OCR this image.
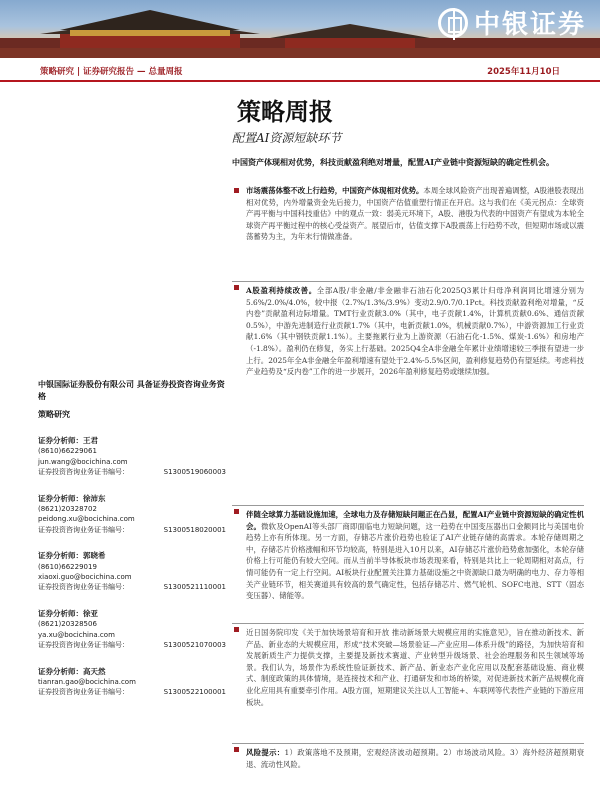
中银证券
策略研究 | 证券研究报告 — 总量周报	2025年11月10日
策略周报
配置AI资源短缺环节
中国资产体现相对优势，科技贡献盈利绝对增量，配置AI产业链中资源短缺的确定性机会。
市场震荡体整不改上行趋势，中国资产体现相对优势。本周全球风险资产出现普遍调整，A股港股表现出相对优势，内外增量资金先后接力，中国资产估值重塑行情正在开启。这与我们在《美元拐点：全球资产再平衡与中国科技重估》中的观点一致：弱美元环境下，A股、港股为代表的中国资产有望成为本轮全球资产再平衡过程中的核心受益资产。展望后市，估值支撑下A股震荡上行趋势不改，但短期市场或以震荡蓄势为主，为年末行情做准备。
A股盈利持续改善。全部A股/非金融/非金融非石油石化2025Q3累计归母净利润同比增速分别为5.6%/2.0%/4.0%，较中报（2.7%/1.3%/3.9%）变动2.9/0.7/0.1Pct。科技贡献盈利绝对增量，“反内卷”贡献盈利边际增量。TMT行业贡献3.0%（其中，电子贡献1.4%，计算机贡献0.6%、通信贡献0.5%），中游先进制造行业贡献1.7%（其中，电新贡献1.0%，机械贡献0.7%），中游资源加工行业贡献1.6%（其中钢铁贡献1.1%）。主要拖累行业为上游资源（石油石化-1.5%、煤炭-1.6%）和房地产（-1.8%）。盈利仍在修复，务实上行基础。2025Q4全A非金融全年累计业绩增速较三季报有望进一步上行。2025年全A非金融全年盈利增速有望处于2.4%-5.5%区间，盈利修复趋势仍有望延续。考虑科技产业趋势及“反内卷”工作的进一步展开，2026年盈利修复趋势或继续加强。
伴随全球算力基础设施加速，全球电力及存储短缺问题正在凸显，配置AI产业链中资源短缺的确定性机会。微软及OpenAI等头部厂商即面临电力短缺问题，这一趋势在中国变压器出口金额同比与美国电价趋势上亦有所体现。另一方面，存储芯片涨价趋势也验证了AI产业链存储的高需求。本轮存储周期之中，存储芯片价格涨幅和环节均较高，特别是进入10月以来，AI存储芯片涨价趋势愈加强化，本轮存储价格上行可能仍有较大空间。而从当前半导体板块市场表现来看，特别是共比上一轮周期相对高点，行情可能仍有一定上行空间。AI板块行业配置关注算力基础设施之中资源缺口最为明确的电力、存力等相关产业链环节，相关赛道具有较高的景气确定性，包括存储芯片、燃气轮机、SOFC电池、STT（固态变压器）、储能等。
近日国务院印发《关于加快场景培育和开放 推动新场景大规模应用的实施意见》，旨在推动新技术、新产品、新业态的大规模应用，形成“技术突破—场景验证—产业应用—体系升级”的路径，为加快培育和发展新质生产力提供支撑，主要提及新技术赛道、产业转型升级场景、社会治理服务和民生领域等场景。我们认为，场景作为系统性验证新技术、新产品、新业态产业化应用以及配套基础设施、商业模式、制度政策的具体情境，是连接技术和产业、打通研发和市场的桥梁，对促进新技术新产品规模化商业化应用具有重要牵引作用。A股方面，短期建议关注以人工智能+、车联网等代表性产业链的下游应用板块。
风险提示：1）政策落地不及预期，宏观经济波动超预期。2）市场波动风险。3）海外经济超预期衰退、流动性风险。
中银国际证券股份有限公司 具备证券投资咨询业务资格
策略研究
证券分析师：王君
(8610)66229061
jun.wang@bocichina.com
证券投资咨询业务证书编号：	S1300519060003
证券分析师：徐沛东
(8621)20328702
peidong.xu@bocichina.com
证券投资咨询业务证书编号：	S1300518020001
证券分析师：郭晓希
(8610)66229019
xiaoxi.guo@bocichina.com
证券投资咨询业务证书编号：	S1300521110001
证券分析师：徐亚
(8621)20328506
ya.xu@bocichina.com
证券投资咨询业务证书编号：	S1300521070003
证券分析师：高天然
tianran.gao@bocichina.com
证券投资咨询业务证书编号：	S1300522100001
